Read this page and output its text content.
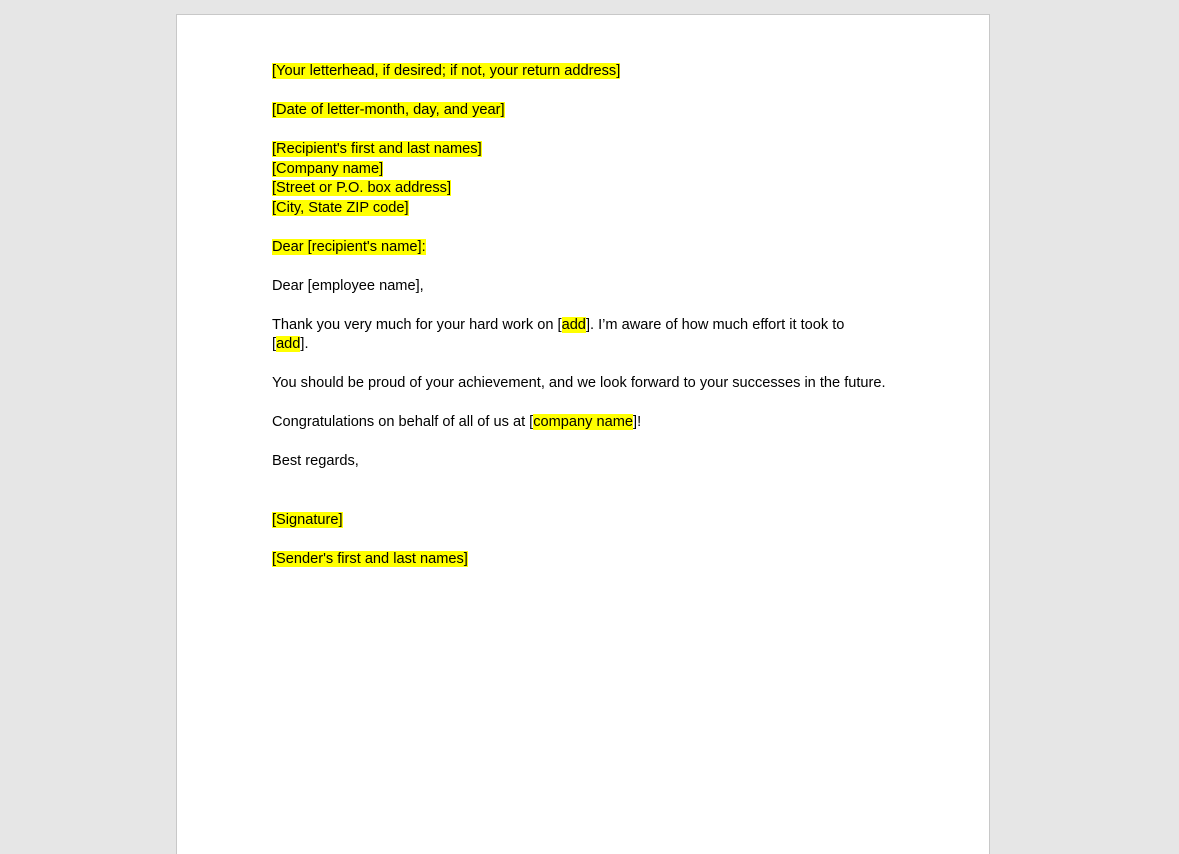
[Your letterhead, if desired; if not, your return address]

[Date of letter-month, day, and year]

[Recipient's first and last names]
[Company name]
[Street or P.O. box address]
[City, State ZIP code]

Dear [recipient's name]:

Dear [employee name],

Thank you very much for your hard work on [add]. I’m aware of how much effort it took to
[add].

You should be proud of your achievement, and we look forward to your successes in the future.

Congratulations on behalf of all of us at [company name]!

Best regards,

[Signature]

[Sender's first and last names]
